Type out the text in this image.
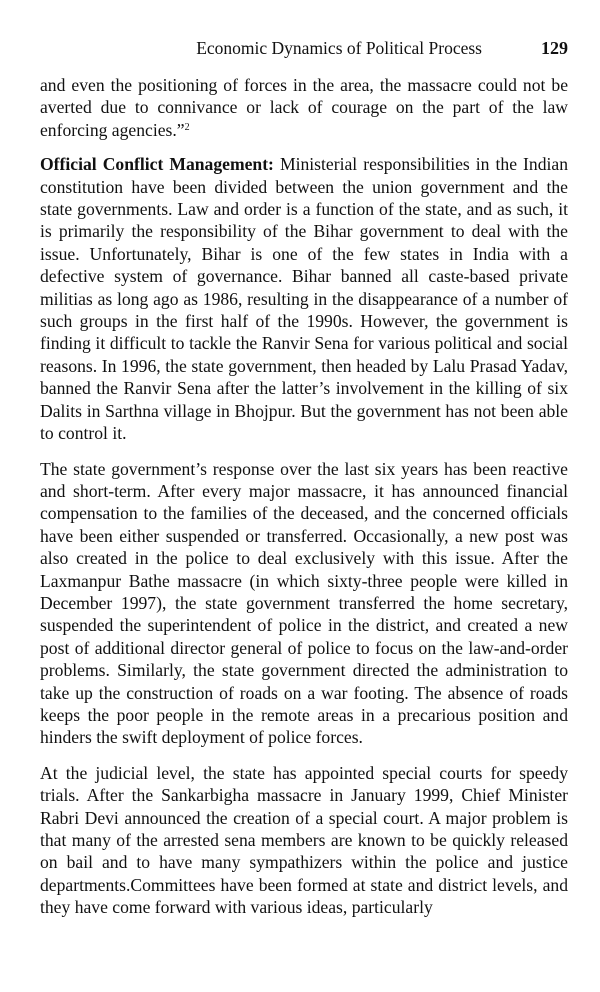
Economic Dynamics of Political Process	129

and even the positioning of forces in the area, the massacre could not be averted due to connivance or lack of courage on the part of the law enforcing agencies.”$^2$

Official Conflict Management: Ministerial responsibilities in the Indian constitution have been divided between the union government and the state governments. Law and order is a function of the state, and as such, it is primarily the responsibility of the Bihar government to deal with the issue. Unfortunately, Bihar is one of the few states in India with a defective system of governance. Bihar banned all caste-based private militias as long ago as 1986, resulting in the disappearance of a number of such groups in the first half of the 1990s. However, the government is finding it difficult to tackle the Ranvir Sena for various political and social reasons. In 1996, the state government, then headed by Lalu Prasad Yadav, banned the Ranvir Sena after the latter’s involvement in the killing of six Dalits in Sarthna village in Bhojpur. But the government has not been able to control it.

The state government’s response over the last six years has been reactive and short-term. After every major massacre, it has announced financial compensation to the families of the deceased, and the concerned officials have been either suspended or transferred. Occasionally, a new post was also created in the police to deal exclusively with this issue. After the Laxmanpur Bathe massacre (in which sixty-three people were killed in December 1997), the state government transferred the home secretary, suspended the superintendent of police in the district, and created a new post of additional director general of police to focus on the law-and-order problems. Similarly, the state government directed the administration to take up the construction of roads on a war footing. The absence of roads keeps the poor people in the remote areas in a precarious position and hinders the swift deployment of police forces.

At the judicial level, the state has appointed special courts for speedy trials. After the Sankarbigha massacre in January 1999, Chief Minister Rabri Devi announced the creation of a special court. A major problem is that many of the arrested sena members are known to be quickly released on bail and to have many sympathizers within the police and justice departments.Committees have been formed at state and district levels, and they have come forward with various ideas, particularly
